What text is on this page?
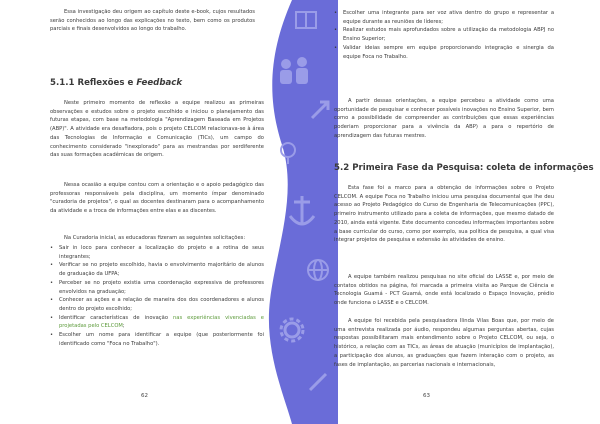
Essa investigação deu origem ao capítulo deste e-book, cujos resultados serão conhecidos ao longo das explicações no texto, bem como os produtos parciais e finais desenvolvidos ao longo do trabalho.

5.1.1 Reflexões e Feedback

Neste primeiro momento de reflexão a equipe realizou as primeiras observações e estudos sobre o projeto escolhido e iniciou o planejamento das futuras etapas, com base na metodologia "Aprendizagem Baseada em Projetos (ABP)". A atividade era desafiadora, pois o projeto CELCOM relacionava-se à área das Tecnologias de Informação e Comunicação (TICs), um campo do conhecimento considerado "inexplorado" para as mestrandas por serdiferente das suas formações acadêmicas de origem.

Nessa ocasião a equipe contou com a orientação e o apoio pedagógico das professoras responsáveis pela disciplina, um momento ímpar denominado "curadoria de projetos", o qual as docentes destinaram para o acompanhamento da atividade e a troca de informações entre elas e as discentes.

Na Curadoria inicial, as educadoras fizeram as seguintes solicitações:

• Sair in loco para conhecer a localização do projeto e a rotina de seus integrantes;
• Verificar se no projeto escolhido, havia o envolvimento majoritário de alunos de graduação da UFPA;
• Perceber se no projeto existia uma coordenação expressiva de professores envolvidos na graduação;
• Conhecer as ações e a relação de maneira dos dos coordenadores e alunos dentro do projeto escolhido;
• Identificar características de inovação nas experiências vivenciadas e projetadas pelo CELCOM;
• Escolher um nome para identificar a equipe (que posteriormente foi identificado como "Foca no Trabalho").
62
• Escolher uma integrante para ser voz ativa dentro do grupo e representar a equipe durante as reuniões de líderes;
• Realizar estudos mais aprofundados sobre a utilização da metodologia ABPJ no Ensino Superior;
• Validar ideias sempre em equipe proporcionando integração e sinergia da equipe Foca no Trabalho.

A partir dessas orientações, a equipe percebeu a atividade como uma oportunidade de pesquisar e conhecer possíveis inovações no Ensino Superior, bem como a possibilidade de compreender as contribuições que essas experiências poderiam proporcionar para a vivência da ABP) a para o repertório de aprendizagem das futuras mestres.

5.2 Primeira Fase da Pesquisa: coleta de informações

Esta fase foi a marco para a obtenção de informações sobre o Projeto CELCOM. A equipe Foca no Trabalho iniciou uma pesquisa documental que lhe deu acesso ao Projeto Pedagógico do Curso de Engenharia de Telecomunicações (PPC), primeiro instrumento utilizado para a coleta de informações, que mesmo datado de 2010, ainda está vigente. Este documento concedeu informações importantes sobre a base curricular do curso, como por exemplo, sua política de pesquisa, a qual visa integrar projetos de pesquisa e extensão às atividades de ensino.

A equipe também realizou pesquisas no site oficial do LASSE e, por meio de contatos obtidos na página, foi marcada a primeira visita ao Parque de Ciência e Tecnologia Guamá - PCT Guamá, onde está localizado o Espaço Inovação, prédio onde funciona o LASSE e o CELCOM.

A equipe foi recebida pela pesquisadora Ilinda Vilas Boas que, por meio de uma entrevista realizada por áudio, respondeu algumas perguntas abertas, cujas respostas possibilitaram mais entendimento sobre o Projeto CELCOM, ou seja, o histórico, a relação com as TICs, as áreas de atuação (municípios de implantação), a participação dos alunos, as graduações que fazem interação com o projeto, as fases de implantação, as parcerias nacionais e internacionais,

63
